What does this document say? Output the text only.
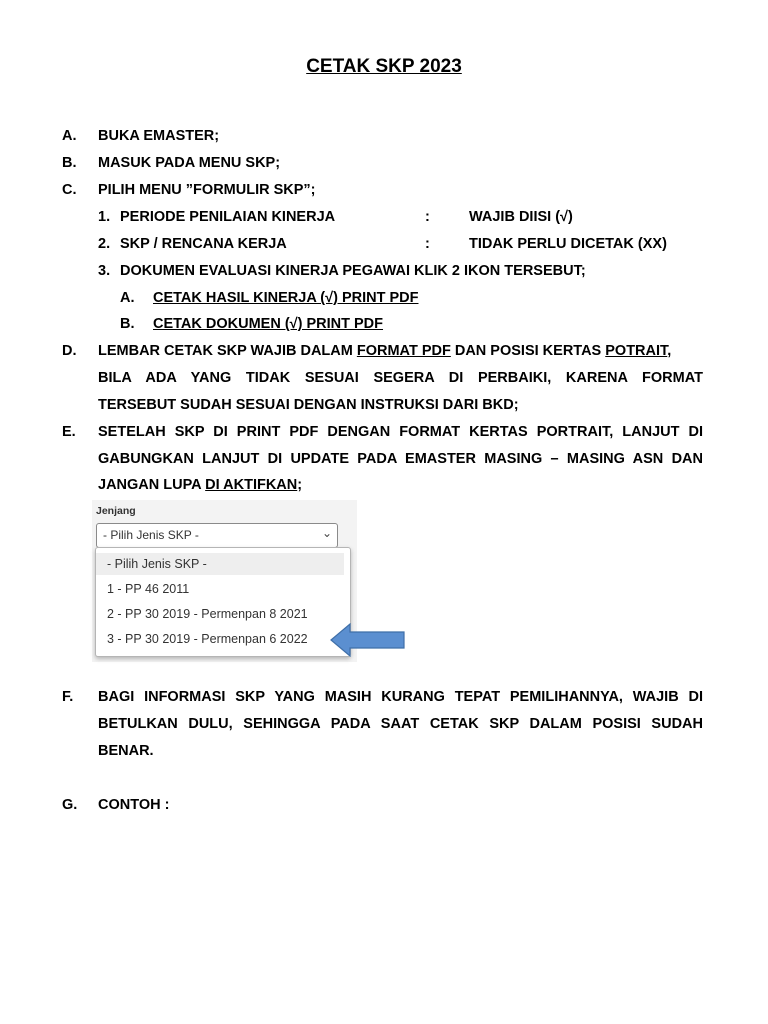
CETAK SKP 2023
A. BUKA EMASTER;
B. MASUK PADA MENU SKP;
C. PILIH MENU ”FORMULIR SKP”;
1. PERIODE PENILAIAN KINERJA	:	WAJIB DIISI (√)
2. SKP / RENCANA KERJA	:	TIDAK PERLU DICETAK (XX)
3. DOKUMEN EVALUASI KINERJA PEGAWAI KLIK 2 IKON TERSEBUT;
A. CETAK HASIL KINERJA (√) PRINT PDF
B. CETAK DOKUMEN (√) PRINT PDF
D. LEMBAR CETAK SKP WAJIB DALAM FORMAT PDF DAN POSISI KERTAS POTRAIT,
BILA ADA YANG TIDAK SESUAI SEGERA DI PERBAIKI, KARENA FORMAT
TERSEBUT SUDAH SESUAI DENGAN INSTRUKSI DARI BKD;
E. SETELAH SKP DI PRINT PDF DENGAN FORMAT KERTAS PORTRAIT, LANJUT DI
GABUNGKAN LANJUT DI UPDATE PADA EMASTER MASING – MASING ASN DAN
JANGAN LUPA DI AKTIFKAN;
Jenjang
- Pilih Jenis SKP -	⌄
- Pilih Jenis SKP -
1 - PP 46 2011
2 - PP 30 2019 - Permenpan 8 2021
3 - PP 30 2019 - Permenpan 6 2022
F. BAGI INFORMASI SKP YANG MASIH KURANG TEPAT PEMILIHANNYA, WAJIB DI
BETULKAN DULU, SEHINGGA PADA SAAT CETAK SKP DALAM POSISI SUDAH
BENAR.
G. CONTOH :
